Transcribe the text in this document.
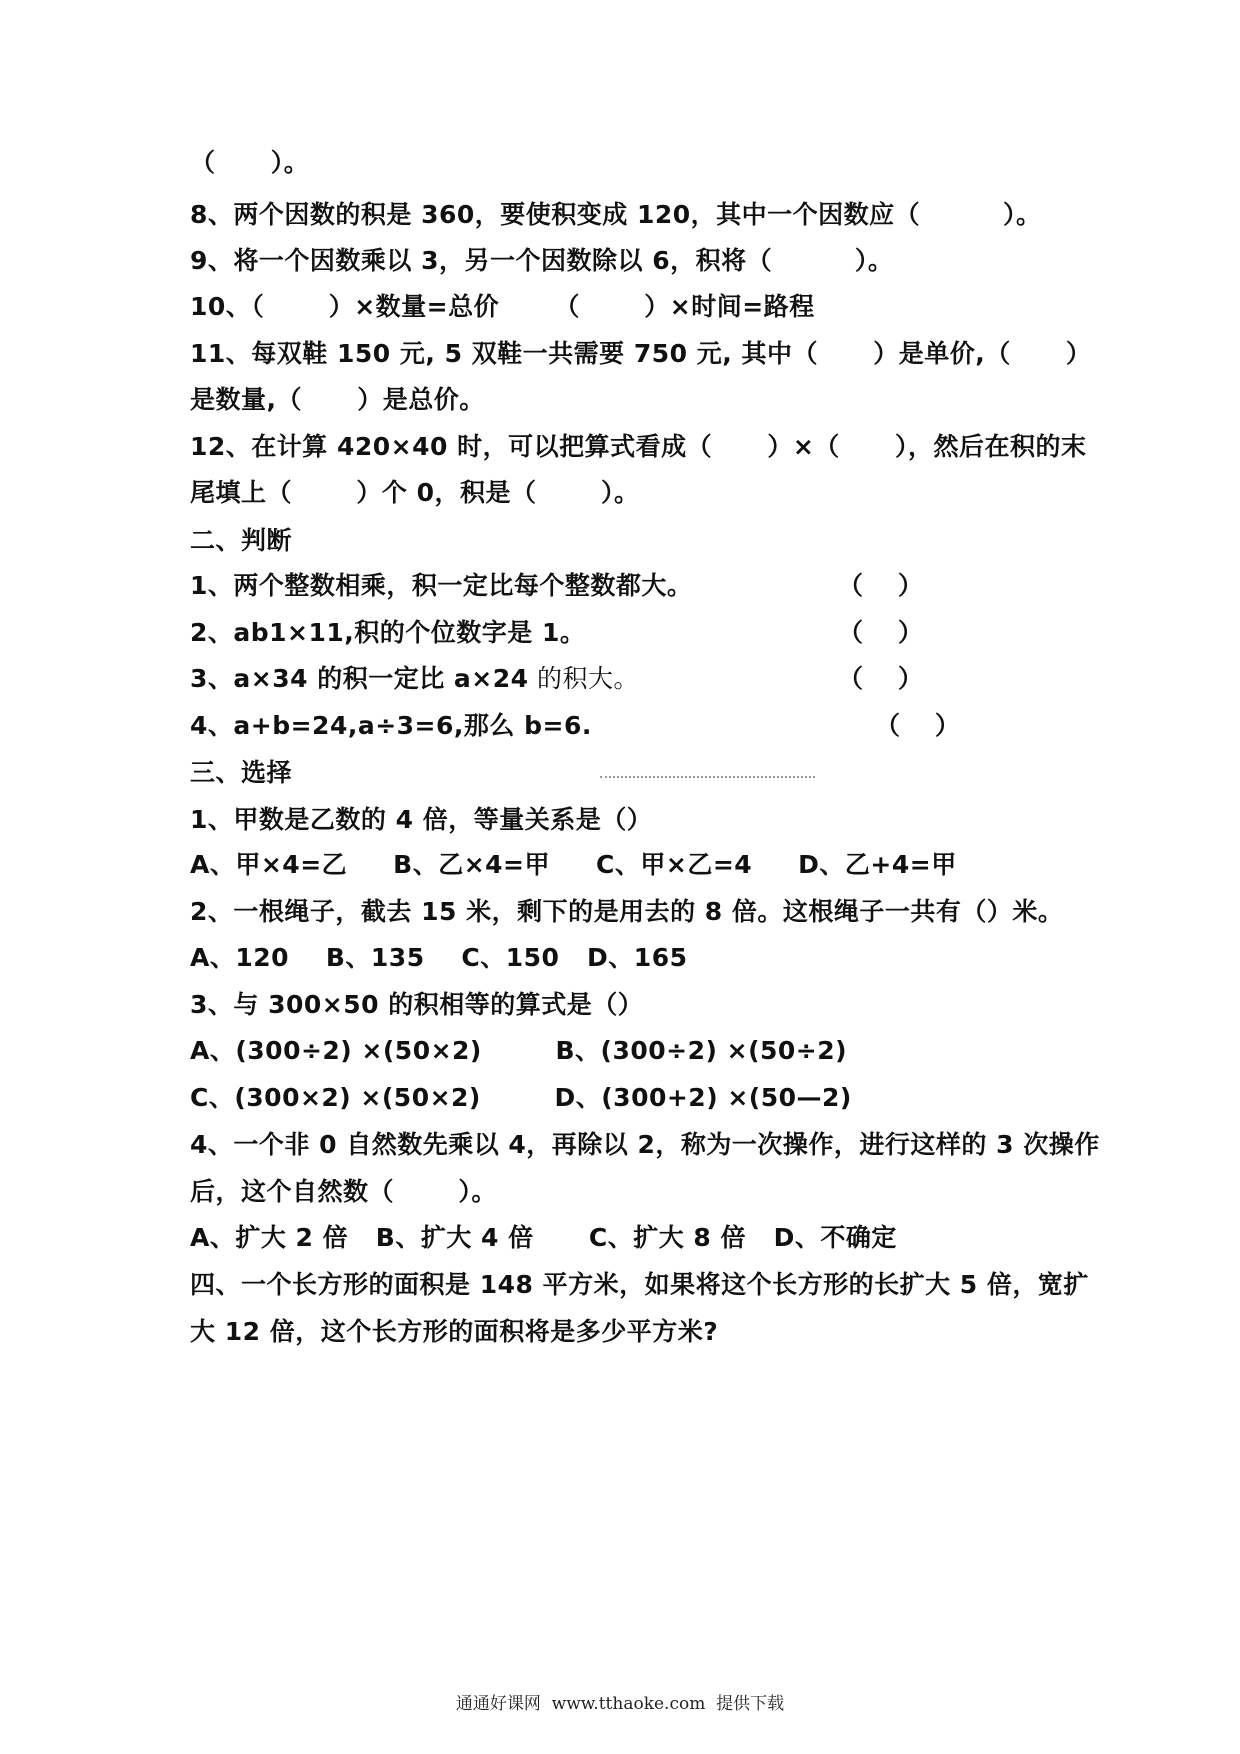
（      ）。
8、两个因数的积是 360，要使积变成 120，其中一个因数应（         ）。
9、将一个因数乘以 3，另一个因数除以 6，积将（         ）。
10、（       ）×数量=总价      （       ）×时间=路程
11、每双鞋 150 元, 5 双鞋一共需要 750 元, 其中（      ）是单价,（      ）
是数量,（      ）是总价。
12、在计算 420×40 时，可以把算式看成（      ）×（      ），然后在积的末
尾填上（       ）个 0，积是（       ）。
二、判断
1、两个整数相乘，积一定比每个整数都大。	（    ）
2、ab1×11,积的个位数字是 1。	（    ）
3、a×34 的积一定比 a×24 的积大。	（    ）
4、a+b=24,a÷3=6,那么 b=6.	（    ）
三、选择
1、甲数是乙数的 4 倍，等量关系是（）
A、甲×4=乙     B、乙×4=甲     C、甲×乙=4     D、乙+4=甲
2、一根绳子，截去 15 米，剩下的是用去的 8 倍。这根绳子一共有（）米。
A、120    B、135    C、150   D、165
3、与 300×50 的积相等的算式是（）
A、(300÷2) ×(50×2)        B、(300÷2) ×(50÷2)
C、(300×2) ×(50×2)        D、(300+2) ×(50—2)
4、一个非 0 自然数先乘以 4，再除以 2，称为一次操作，进行这样的 3 次操作
后，这个自然数（       ）。
A、扩大 2 倍   B、扩大 4 倍      C、扩大 8 倍   D、不确定
四、一个长方形的面积是 148 平方米，如果将这个长方形的长扩大 5 倍，宽扩
大 12 倍，这个长方形的面积将是多少平方米?
通通好课网  www.tthaoke.com  提供下载
